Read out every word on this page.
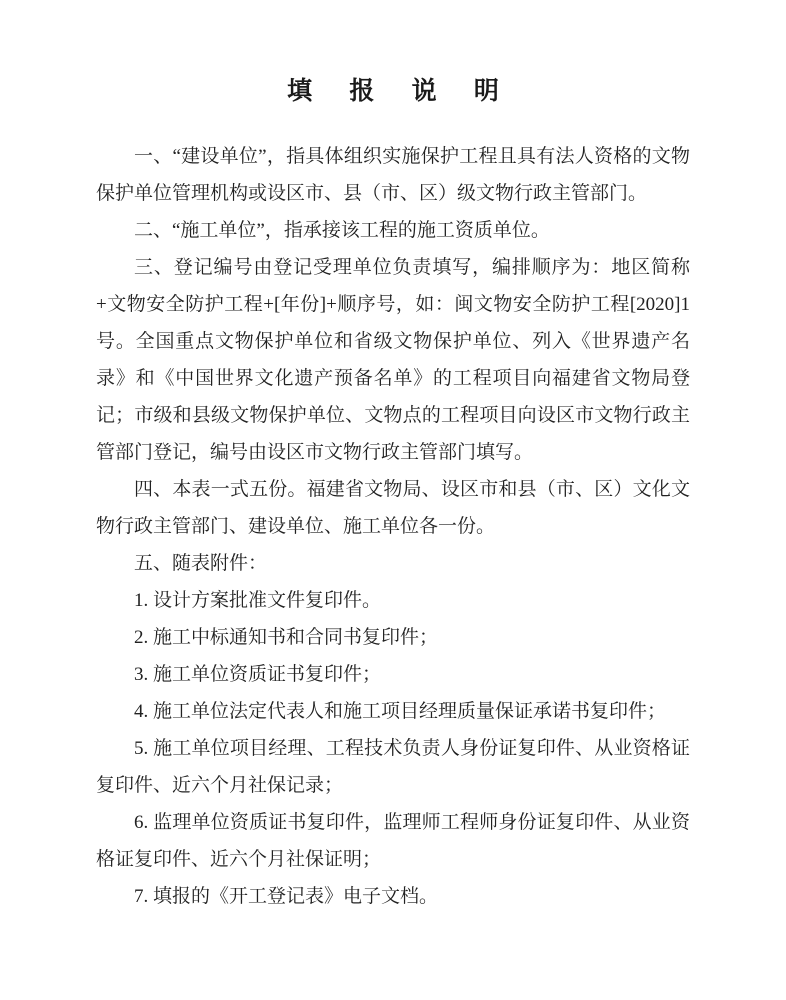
填 报 说 明

一、“建设单位”，指具体组织实施保护工程且具有法人资格的文物保护单位管理机构或设区市、县（市、区）级文物行政主管部门。

二、“施工单位”，指承接该工程的施工资质单位。

三、登记编号由登记受理单位负责填写，编排顺序为：地区简称+文物安全防护工程+[年份]+顺序号，如：闽文物安全防护工程[2020]1号。全国重点文物保护单位和省级文物保护单位、列入《世界遗产名录》和《中国世界文化遗产预备名单》的工程项目向福建省文物局登记；市级和县级文物保护单位、文物点的工程项目向设区市文物行政主管部门登记，编号由设区市文物行政主管部门填写。

四、本表一式五份。福建省文物局、设区市和县（市、区）文化文物行政主管部门、建设单位、施工单位各一份。

五、随表附件：

1. 设计方案批准文件复印件。

2. 施工中标通知书和合同书复印件；

3. 施工单位资质证书复印件；

4. 施工单位法定代表人和施工项目经理质量保证承诺书复印件；

5. 施工单位项目经理、工程技术负责人身份证复印件、从业资格证复印件、近六个月社保记录；

6. 监理单位资质证书复印件，监理师工程师身份证复印件、从业资格证复印件、近六个月社保证明；

7. 填报的《开工登记表》电子文档。
